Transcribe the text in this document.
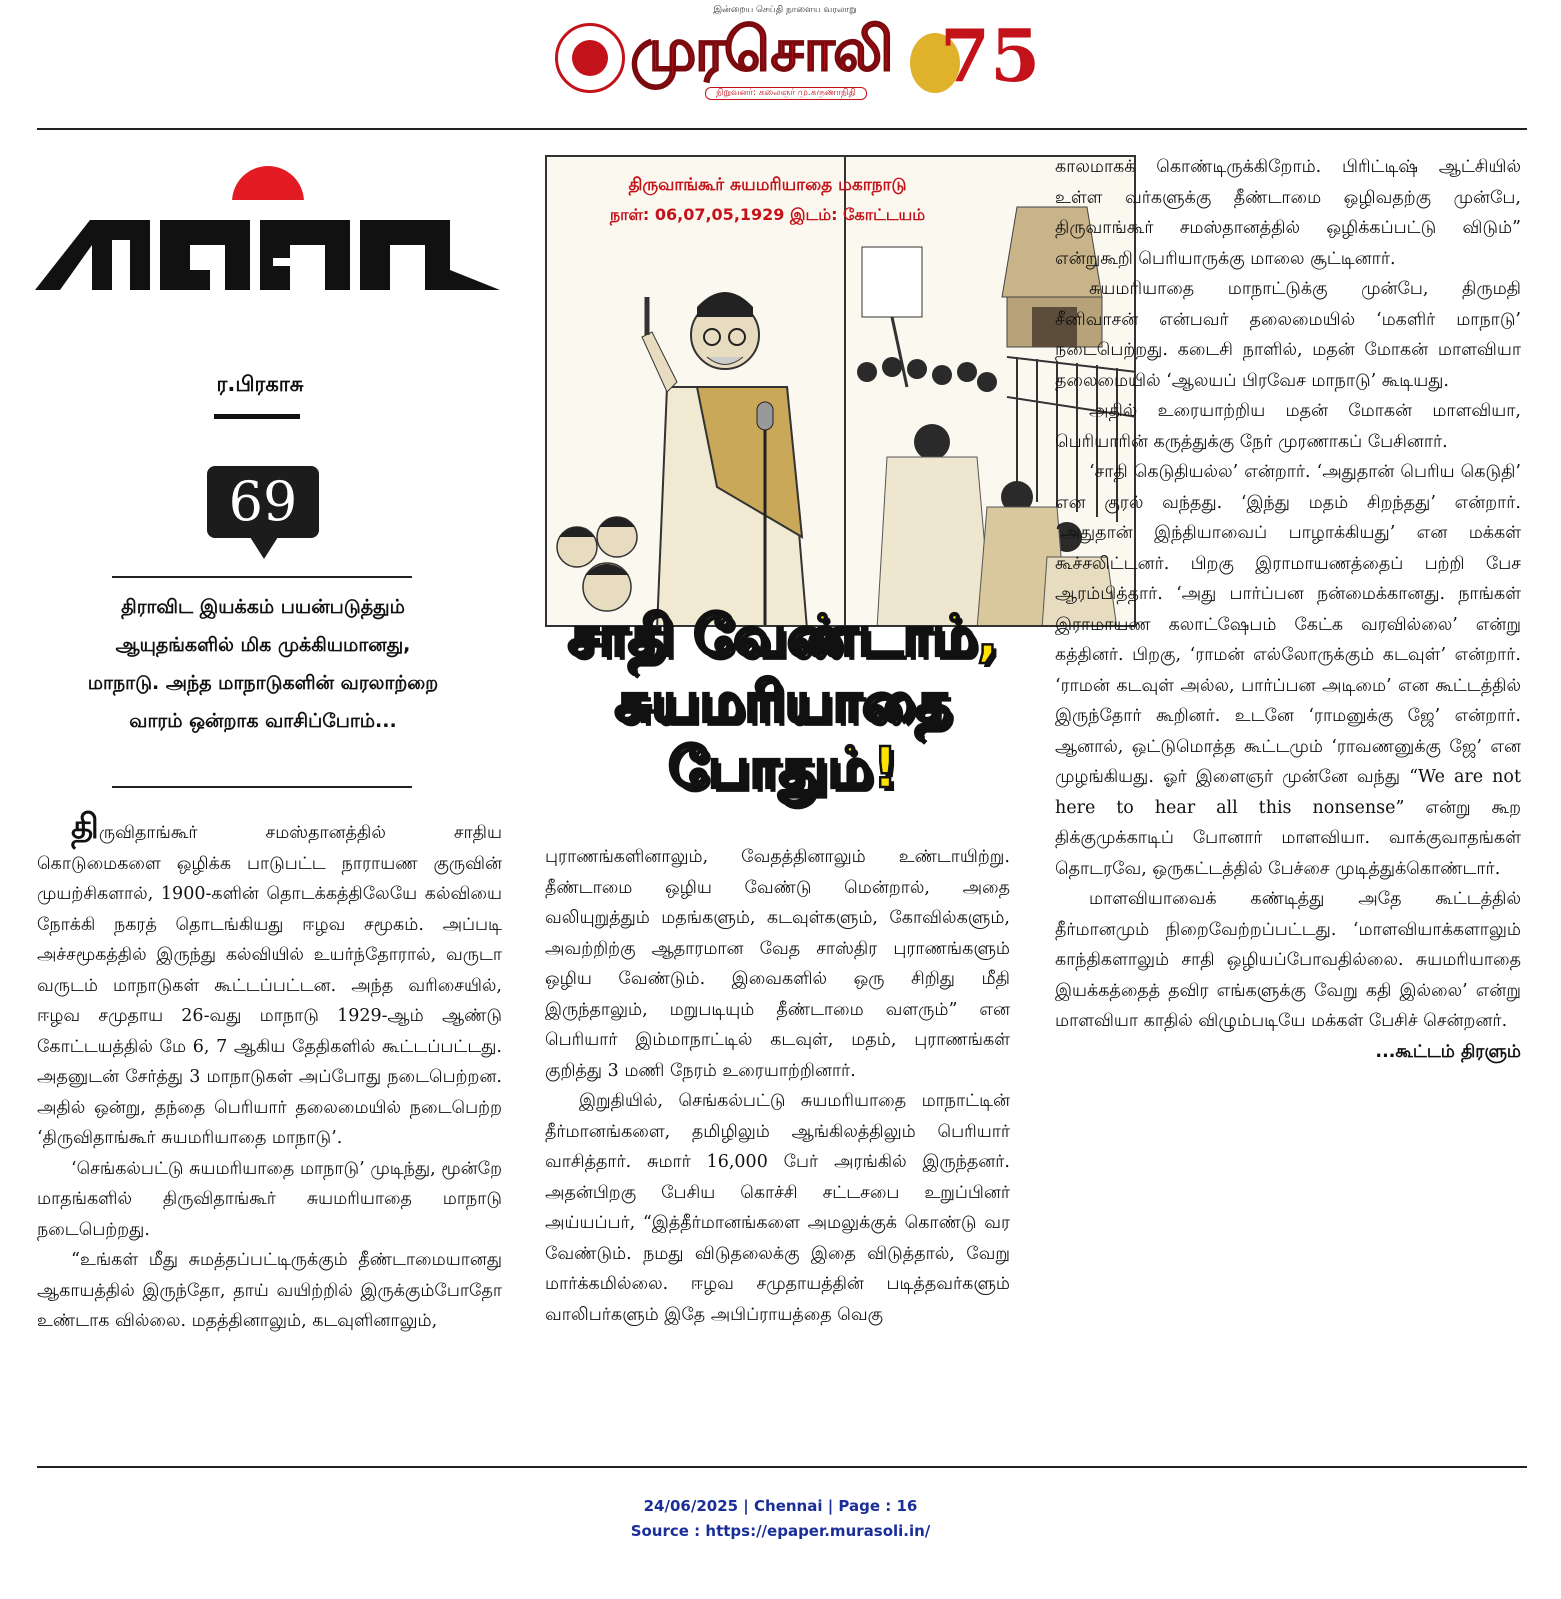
இன்றைய செய்தி நாளைய வரலாறு
முரசொலி
நிறுவனர்: கலைஞர் மு.கருணாநிதி 75
ர.பிரகாசு
69
திராவிட இயக்கம் பயன்படுத்தும் ஆயுதங்களில் மிக முக்கியமானது, மாநாடு. அந்த மாநாடுகளின் வரலாற்றை வாரம் ஒன்றாக வாசிப்போம்...
திருவாங்கூர் சுயமரியாதை மகாநாடு
நாள்: 06,07,05,1929 இடம்: கோட்டயம்
சாதி வேண்டாம்,
சுயமரியாதை
போதும்!

திருவிதாங்கூர் சமஸ்தானத்தில் சாதிய கொடுமைகளை ஒழிக்க பாடுபட்ட நாராயண குருவின் முயற்சிகளால், 1900-களின் தொடக்கத்திலேயே கல்வியை நோக்கி நகரத் தொடங்கியது ஈழவ சமூகம். அப்படி அச்சமூகத்தில் இருந்து கல்வியில் உயர்ந்தோரால், வருடா வருடம் மாநாடுகள் கூட்டப்பட்டன. அந்த வரிசையில், ஈழவ சமுதாய 26-வது மாநாடு 1929-ஆம் ஆண்டு கோட்டயத்தில் மே 6, 7 ஆகிய தேதிகளில் கூட்டப்பட்டது. அதனுடன் சேர்த்து 3 மாநாடுகள் அப்போது நடைபெற்றன. அதில் ஒன்று, தந்தை பெரியார் தலைமையில் நடைபெற்ற ‘திருவிதாங்கூர் சுயமரியாதை மாநாடு’.

‘செங்கல்பட்டு சுயமரியாதை மாநாடு’ முடிந்து, மூன்றே மாதங்களில் திருவிதாங்கூர் சுயமரியாதை மாநாடு நடைபெற்றது.

“உங்கள் மீது சுமத்தப்பட்டிருக்கும் தீண்டாமையானது ஆகாயத்தில் இருந்தோ, தாய் வயிற்றில் இருக்கும்போதோ உண்டாக வில்லை. மதத்தினாலும், கடவுளினாலும்,

புராணங்களினாலும், வேதத்தினாலும் உண்டாயிற்று. தீண்டாமை ஒழிய வேண்டு மென்றால், அதை வலியுறுத்தும் மதங்களும், கடவுள்களும், கோவில்களும், அவற்றிற்கு ஆதாரமான வேத சாஸ்திர புராணங்களும் ஒழிய வேண்டும். இவைகளில் ஒரு சிறிது மீதி இருந்தாலும், மறுபடியும் தீண்டாமை வளரும்” என பெரியார் இம்மாநாட்டில் கடவுள், மதம், புராணங்கள் குறித்து 3 மணி நேரம் உரையாற்றினார்.

இறுதியில், செங்கல்பட்டு சுயமரியாதை மாநாட்டின் தீர்மானங்களை, தமிழிலும் ஆங்கிலத்திலும் பெரியார் வாசித்தார். சுமார் 16,000 பேர் அரங்கில் இருந்தனர். அதன்பிறகு பேசிய கொச்சி சட்டசபை உறுப்பினர் அய்யப்பர், “இத்தீர்மானங்களை அமலுக்குக் கொண்டு வர வேண்டும். நமது விடுதலைக்கு இதை விடுத்தால், வேறு மார்க்கமில்லை. ஈழவ சமுதாயத்தின் படித்தவர்களும் வாலிபர்களும் இதே அபிப்ராயத்தை வெகு

காலமாகக் கொண்டிருக்கிறோம். பிரிட்டிஷ் ஆட்சியில் உள்ள வர்களுக்கு தீண்டாமை ஒழிவதற்கு முன்பே, திருவாங்கூர் சமஸ்தானத்தில் ஒழிக்கப்பட்டு விடும்” என்றுகூறி பெரியாருக்கு மாலை சூட்டினார்.

சுயமரியாதை மாநாட்டுக்கு முன்பே, திருமதி சீனிவாசன் என்பவர் தலைமையில் ‘மகளிர் மாநாடு’ நடைபெற்றது. கடைசி நாளில், மதன் மோகன் மாளவியா தலைமையில் ‘ஆலயப் பிரவேச மாநாடு’ கூடியது.

அதில் உரையாற்றிய மதன் மோகன் மாளவியா, பெரியாரின் கருத்துக்கு நேர் முரணாகப் பேசினார்.

‘சாதி கெடுதியல்ல’ என்றார். ‘அதுதான் பெரிய கெடுதி’ என குரல் வந்தது. ‘இந்து மதம் சிறந்தது’ என்றார். ‘அதுதான் இந்தியாவைப் பாழாக்கியது’ என மக்கள் கூச்சலிட்டனர். பிறகு இராமாயணத்தைப் பற்றி பேச ஆரம்பித்தார். ‘அது பார்ப்பன நன்மைக்கானது. நாங்கள் இராமாயண கலாட்ஷேபம் கேட்க வரவில்லை’ என்று கத்தினர். பிறகு, ‘ராமன் எல்லோருக்கும் கடவுள்’ என்றார். ‘ராமன் கடவுள் அல்ல, பார்ப்பன அடிமை’ என கூட்டத்தில் இருந்தோர் கூறினர். உடனே ‘ராமனுக்கு ஜே’ என்றார். ஆனால், ஒட்டுமொத்த கூட்டமும் ‘ராவணனுக்கு ஜே’ என முழங்கியது. ஓர் இளைஞர் முன்னே வந்து “We are not here to hear all this nonsense” என்று கூற திக்குமுக்காடிப் போனார் மாளவியா. வாக்குவாதங்கள் தொடரவே, ஒருகட்டத்தில் பேச்சை முடித்துக்கொண்டார்.

மாளவியாவைக் கண்டித்து அதே கூட்டத்தில் தீர்மானமும் நிறைவேற்றப்பட்டது. ‘மாளவியாக்களாலும் காந்திகளாலும் சாதி ஒழியப்போவதில்லை. சுயமரியாதை இயக்கத்தைத் தவிர எங்களுக்கு வேறு கதி இல்லை’ என்று மாளவியா காதில் விழும்படியே மக்கள் பேசிச் சென்றனர்.

...கூட்டம் திரளும்

24/06/2025 | Chennai | Page : 16
Source : https://epaper.murasoli.in/
